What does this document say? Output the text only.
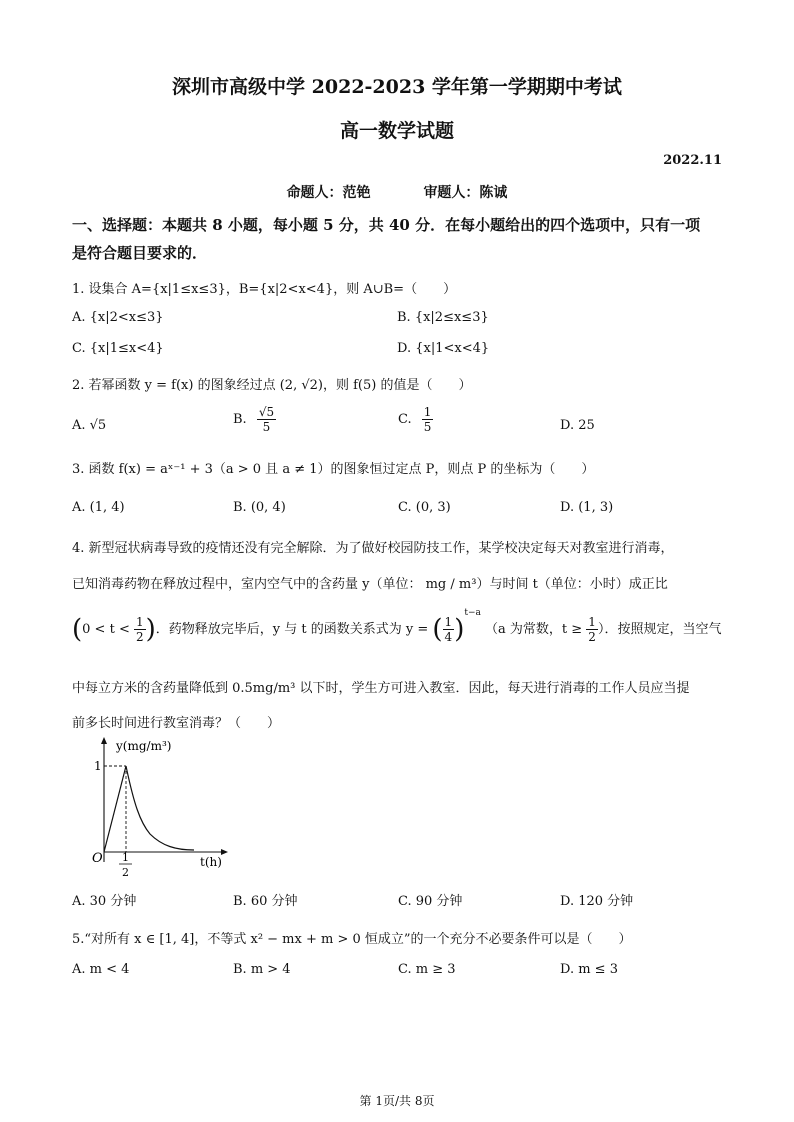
深圳市高级中学 2022-2023 学年第一学期期中考试
高一数学试题
2022.11
命题人：范铯	审题人：陈诚
一、选择题：本题共 8 小题，每小题 5 分，共 40 分．在每小题给出的四个选项中，只有一项
是符合题目要求的．
1. 设集合 A={x|1≤x≤3}，B={x|2<x<4}，则 A∪B=（　　）
A. {x|2<x≤3}	B. {x|2≤x≤3}
C. {x|1≤x<4}	D. {x|1<x<4}
2. 若幂函数 y = f(x) 的图象经过点 (2, √2)，则 f(5) 的值是（　　）
A. √5	B. $\frac{√5}{5}$	C. $\frac{1}{5}$	D. 25
3. 函数 f(x) = aˣ⁻¹ + 3（a > 0 且 a ≠ 1）的图象恒过定点 P，则点 P 的坐标为（　　）
A. (1, 4)	B. (0, 4)	C. (0, 3)	D. (1, 3)
4. 新型冠状病毒导致的疫情还没有完全解除．为了做好校园防技工作，某学校决定每天对教室进行消毒，
已知消毒药物在释放过程中，室内空气中的含药量 y（单位： mg / m³）与时间 t（单位：小时）成正比
($0 < t < \frac{1}{2}$ )．药物释放完毕后，y 与 t 的函数关系式为 y = ( $\frac{1}{4} )^{t-a}$ （a 为常数，$t \ge \frac{1}{2}$ ）．按照规定，当空气
中每立方米的含药量降低到 0.5mg/m³ 以下时，学生方可进入教室．因此，每天进行消毒的工作人员应当提
前多长时间进行教室消毒？（　　）
y(mg/m³)
1
O 1
2
t(h)
A. 30 分钟	B. 60 分钟	C. 90 分钟	D. 120 分钟
5.“对所有 x ∈ [1, 4]，不等式 x² − mx + m > 0 恒成立”的一个充分不必要条件可以是（　　）
A. m < 4	B. m > 4	C. m ≥ 3	D. m ≤ 3
第 1页/共 8页
